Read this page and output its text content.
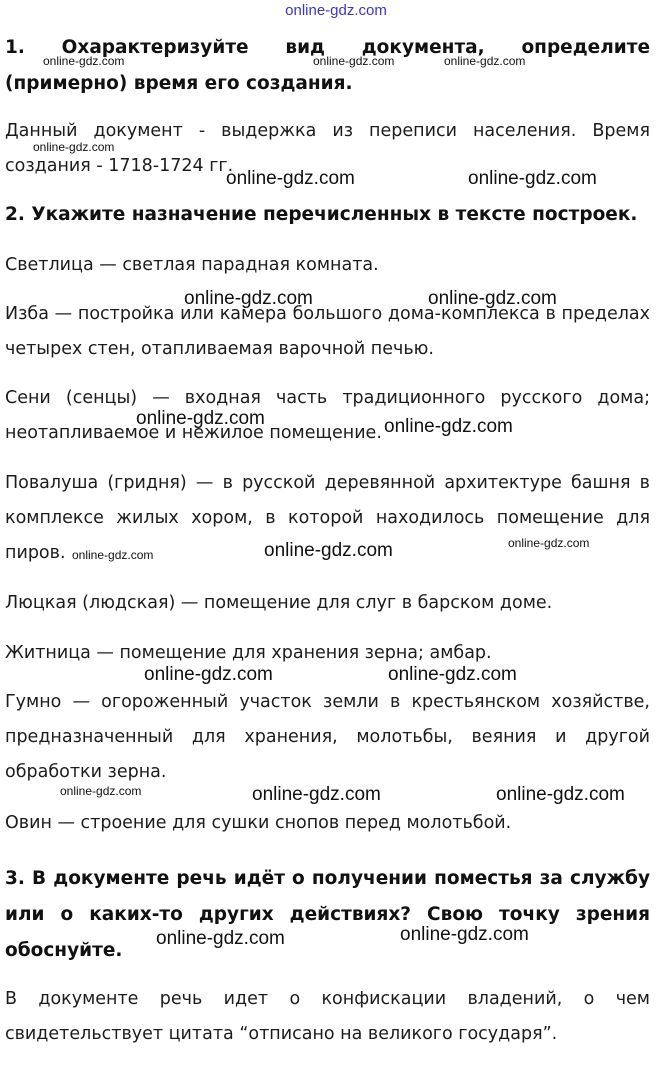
online-gdz.com
1. Охарактеризуйте вид документа, определите (примерно) время его создания.
Данный документ - выдержка из переписи населения. Время создания - 1718-1724 гг.
2. Укажите назначение перечисленных в тексте построек.
Светлица — светлая парадная комната.
Изба — постройка или камера большого дома-комплекса в пределах четырех стен, отапливаемая варочной печью.
Сени (сенцы) — входная часть традиционного русского дома; неотапливаемое и нежилое помещение.
Повалуша (гридня) — в русской деревянной архитектуре башня в комплексе жилых хором, в которой находилось помещение для пиров.
Люцкая (людская) — помещение для слуг в барском доме.
Житница — помещение для хранения зерна; амбар.
Гумно — огороженный участок земли в крестьянском хозяйстве, предназначенный для хранения, молотьбы, веяния и другой обработки зерна.
Овин — строение для сушки снопов перед молотьбой.
3. В документе речь идёт о получении поместья за службу или о каких-то других действиях? Свою точку зрения обоснуйте.
В документе речь идет о конфискации владений, о чем свидетельствует цитата “отписано на великого государя”.
online-gdz.com	online-gdz.com	online-gdz.com
online-gdz.com
online-gdz.com	online-gdz.com
online-gdz.com	online-gdz.com
online-gdz.com	online-gdz.com
online-gdz.com
online-gdz.com	online-gdz.com
online-gdz.com	online-gdz.com
online-gdz.com	online-gdz.com	online-gdz.com
online-gdz.com
online-gdz.com
